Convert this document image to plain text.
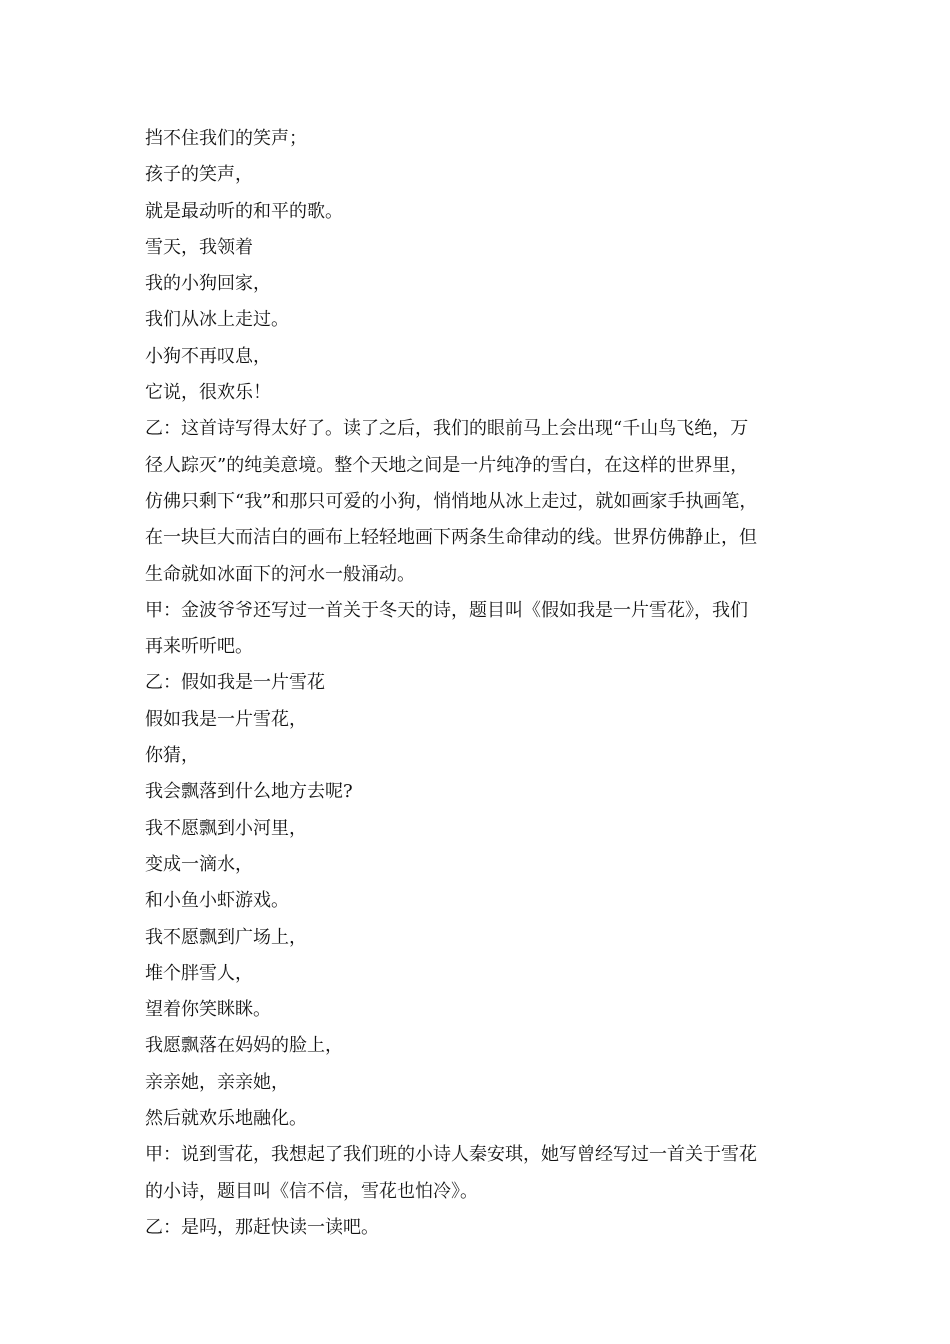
挡不住我们的笑声；
孩子的笑声，
就是最动听的和平的歌。
雪天，我领着
我的小狗回家，
我们从冰上走过。
小狗不再叹息，
它说，很欢乐！
乙：这首诗写得太好了。读了之后，我们的眼前马上会出现“千山鸟飞绝，万
径人踪灭”的纯美意境。整个天地之间是一片纯净的雪白，在这样的世界里，
仿佛只剩下“我”和那只可爱的小狗，悄悄地从冰上走过，就如画家手执画笔，
在一块巨大而洁白的画布上轻轻地画下两条生命律动的线。世界仿佛静止，但
生命就如冰面下的河水一般涌动。
甲：金波爷爷还写过一首关于冬天的诗，题目叫《假如我是一片雪花》，我们
再来听听吧。
乙：假如我是一片雪花
假如我是一片雪花，
你猜，
我会飘落到什么地方去呢?
我不愿飘到小河里，
变成一滴水，
和小鱼小虾游戏。
我不愿飘到广场上，
堆个胖雪人，
望着你笑眯眯。
我愿飘落在妈妈的脸上，
亲亲她，亲亲她，
然后就欢乐地融化。
甲：说到雪花，我想起了我们班的小诗人秦安琪，她写曾经写过一首关于雪花
的小诗，题目叫《信不信，雪花也怕冷》。
乙：是吗，那赶快读一读吧。
